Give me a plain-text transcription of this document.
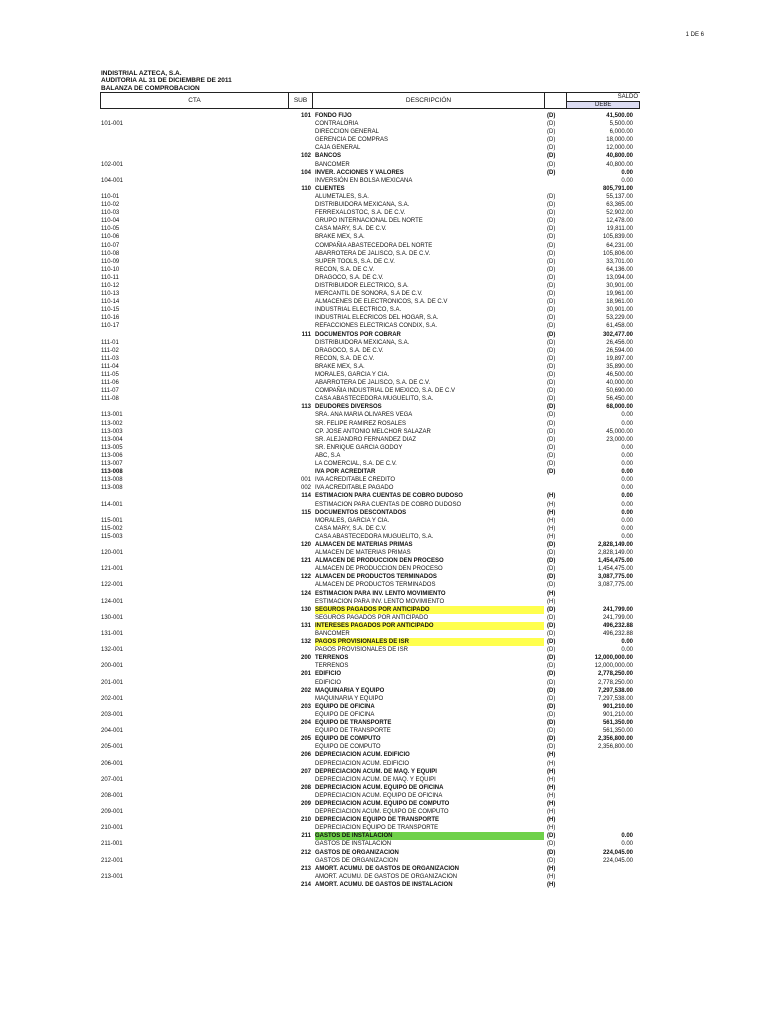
1 DE 6
INDISTRIAL AZTECA, S.A.
AUDITORIA AL 31 DE DICIEMBRE DE 2011
BALANZA DE COMPROBACION
CTA	SUB	DESCRIPCIÓN	SALDO
DEBE
101 FONDO FIJO	(D)	41,500.00
101-001	CONTRALORIA	(D)	5,500.00
DIRECCION GENERAL	(D)	6,000.00
GERENCIA DE COMPRAS	(D)	18,000.00
CAJA GENERAL	(D)	12,000.00
102 BANCOS	(D)	40,800.00
102-001	BANCOMER	(D)	40,800.00
104 INVER. ACCIONES Y VALORES	(D)	0.00
104-001	INVERSIÓN EN BOLSA MEXICANA	0.00
110 CLIENTES	805,791.00
110-01	ALUMETALES, S.A.	(D)	55,137.00
110-02	DISTRIBUIDORA MEXICANA, S.A.	(D)	63,365.00
110-03	FERREXALOSTOC, S.A. DE C.V.	(D)	52,902.00
110-04	GRUPO INTERNACIONAL DEL NORTE	(D)	12,478.00
110-05	CASA MARY, S.A. DE C.V.	(D)	19,811.00
110-06	BRAKE MEX, S.A.	(D)	105,839.00
110-07	COMPAÑIA ABASTECEDORA DEL NORTE	(D)	64,231.00
110-08	ABARROTERA DE JALISCO, S.A. DE C.V.	(D)	105,806.00
110-09	SUPER TOOLS, S.A. DE C.V.	(D)	33,701.00
110-10	RECON, S.A. DE C.V.	(D)	64,136.00
110-11	DRAGOCO, S.A. DE C.V.	(D)	13,094.00
110-12	DISTRIBUIDOR ELECTRICO, S.A.	(D)	30,901.00
110-13	MERCANTIL DE SONORA, S.A DE C.V.	(D)	19,961.00
110-14	ALMACENES DE ELECTRONICOS, S.A. DE C.V	(D)	18,961.00
110-15	INDUSTRIAL ELECTRICO, S.A.	(D)	30,901.00
110-16	INDUSTRIAL ELECRICOS DEL HOGAR, S.A.	(D)	53,229.00
110-17	REFACCIONES ELECTRICAS CONDIX, S.A.	(D)	61,458.00
111 DOCUMENTOS POR COBRAR	(D)	302,477.00
111-01	DISTRIBUIDORA MEXICANA, S.A.	(D)	26,456.00
111-02	DRAGOCO, S.A. DE C.V.	(D)	26,594.00
111-03	RECON, S.A. DE C.V.	(D)	19,897.00
111-04	BRAKE MEX, S.A.	(D)	35,890.00
111-05	MORALES, GARCIA Y CIA.	(D)	46,500.00
111-06	ABARROTERA DE JALISCO, S.A. DE C.V.	(D)	40,000.00
111-07	COMPAÑIA INDUSTRIAL DE MEXICO, S.A. DE C.V	(D)	50,690.00
111-08	CASA ABASTECEDORA MUGUELITO, S.A.	(D)	56,450.00
113 DEUDORES DIVERSOS	(D)	68,000.00
113-001	SRA. ANA MARIA OLIVARES VEGA	(D)	0.00
113-002	SR. FELIPE RAMIREZ ROSALES	(D)	0.00
113-003	CP. JOSE ANTONIO MELCHOR SALAZAR	(D)	45,000.00
113-004	SR. ALEJANDRO FERNANDEZ DIAZ	(D)	23,000.00
113-005	SR. ENRIQUE GARCIA GODOY	(D)	0.00
113-006	ABC, S.A	(D)	0.00
113-007	LA COMERCIAL, S.A. DE C.V.	(D)	0.00
113-008	IVA POR ACREDITAR	(D)	0.00
113-008	001 IVA ACREDITABLE CREDITO	0.00
113-008	002 IVA ACREDITABLE PAGADO	0.00
114 ESTIMACION PARA CUENTAS DE COBRO DUDOSO	(H)	0.00
114-001	ESTIMACION PARA CUENTAS DE COBRO DUDOSO	(H)	0.00
115 DOCUMENTOS DESCONTADOS	(H)	0.00
115-001	MORALES, GARCIA Y CIA.	(H)	0.00
115-002	CASA MARY, S.A. DE C.V.	(H)	0.00
115-003	CASA ABASTECEDORA MUGUELITO, S.A.	(H)	0.00
120 ALMACEN DE MATERIAS PRIMAS	(D)	2,828,149.00
120-001	ALMACEN DE MATERIAS PRIMAS	(D)	2,828,149.00
121 ALMACEN DE PRODUCCION DEN PROCESO	(D)	1,454,475.00
121-001	ALMACEN DE PRODUCCION DEN PROCESO	(D)	1,454,475.00
122 ALMACEN DE PRODUCTOS TERMINADOS	(D)	3,087,775.00
122-001	ALMACEN DE PRODUCTOS TERMINADOS	(D)	3,087,775.00
124 ESTIMACION PARA INV. LENTO MOVIMIENTO	(H)
124-001	ESTIMACION PARA INV. LENTO MOVIMIENTO	(H)
130 SEGUROS PAGADOS POR ANTICIPADO	(D)	241,799.00
130-001	SEGUROS PAGADOS POR ANTICIPADO	(D)	241,799.00
131 INTERESES PAGADOS POR ANTICIPADO	(D)	496,232.88
131-001	BANCOMER	(D)	496,232.88
132 PAGOS PROVISIONALES DE ISR	(D)	0.00
132-001	PAGOS PROVISIONALES DE ISR	(D)	0.00
200 TERRENOS	(D)	12,000,000.00
200-001	TERRENOS	(D)	12,000,000.00
201 EDIFICIO	(D)	2,778,250.00
201-001	EDIFICIO	(D)	2,778,250.00
202 MAQUINARIA Y EQUIPO	(D)	7,297,538.00
202-001	MAQUINARIA Y EQUIPO	(D)	7,297,538.00
203 EQUIPO DE OFICINA	(D)	901,210.00
203-001	EQUIPO DE OFICINA	(D)	901,210.00
204 EQUIPO DE TRANSPORTE	(D)	561,350.00
204-001	EQUIPO DE TRANSPORTE	(D)	561,350.00
205 EQUIPO DE COMPUTO	(D)	2,356,800.00
205-001	EQUIPO DE COMPUTO	(D)	2,356,800.00
206 DEPRECIACION ACUM. EDIFICIO	(H)
206-001	DEPRECIACION ACUM. EDIFICIO	(H)
207 DEPRECIACION ACUM. DE MAQ. Y EQUIPI	(H)
207-001	DEPRECIACION ACUM. DE MAQ. Y EQUIPI	(H)
208 DEPRECIACION ACUM. EQUIPO DE OFICINA	(H)
208-001	DEPRECIACION ACUM. EQUIPO DE OFICINA	(H)
209 DEPRECIACION ACUM. EQUIPO DE COMPUTO	(H)
209-001	DEPRECIACION ACUM. EQUIPO DE COMPUTO	(H)
210 DEPRECIACION EQUIPO DE TRANSPORTE	(H)
210-001	DEPRECIACION EQUIPO DE TRANSPORTE	(H)
211 GASTOS DE INSTALACION	(D)	0.00
211-001	GASTOS DE INSTALACION	(D)	0.00
212 GASTOS DE ORGANIZACION	(D)	224,045.00
212-001	GASTOS DE ORGANIZACION	(D)	224,045.00
213 AMORT. ACUMU. DE GASTOS DE ORGANIZACION	(H)
213-001	AMORT. ACUMU. DE GASTOS DE ORGANIZACION	(H)
214 AMORT. ACUMU. DE GASTOS DE INSTALACION	(H)
